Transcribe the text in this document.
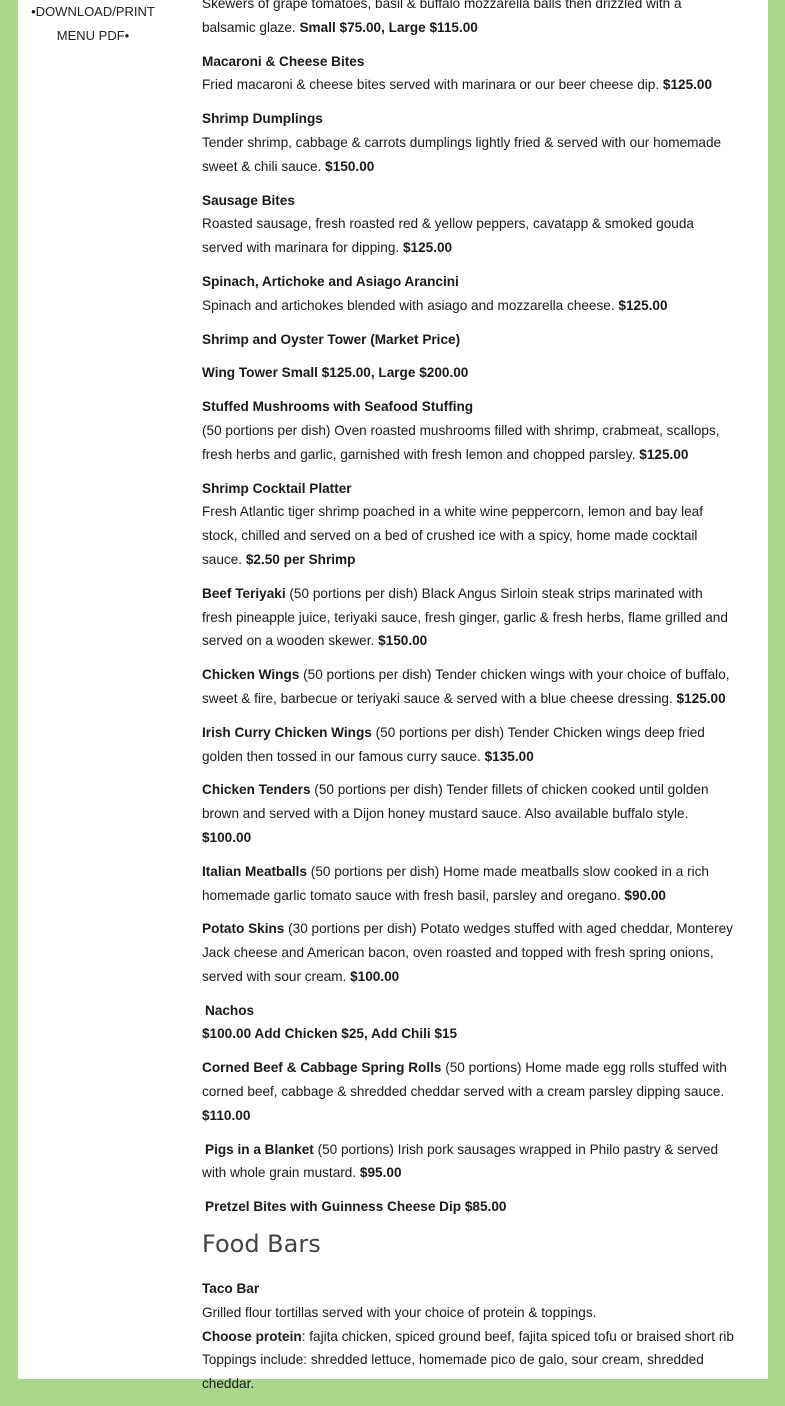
•DOWNLOAD/PRINT MENU PDF•

Skewers of grape tomatoes, basil & buffalo mozzarella balls then drizzled with a balsamic glaze. Small $75.00, Large $115.00

Macaroni & Cheese Bites
Fried macaroni & cheese bites served with marinara or our beer cheese dip. $125.00

Shrimp Dumplings
Tender shrimp, cabbage & carrots dumplings lightly fried & served with our homemade sweet & chili sauce. $150.00

Sausage Bites
Roasted sausage, fresh roasted red & yellow peppers, cavatapp & smoked gouda served with marinara for dipping. $125.00

Spinach, Artichoke and Asiago Arancini
Spinach and artichokes blended with asiago and mozzarella cheese. $125.00

Shrimp and Oyster Tower (Market Price)

Wing Tower Small $125.00, Large $200.00

Stuffed Mushrooms with Seafood Stuffing
(50 portions per dish) Oven roasted mushrooms filled with shrimp, crabmeat, scallops, fresh herbs and garlic, garnished with fresh lemon and chopped parsley. $125.00

Shrimp Cocktail Platter
Fresh Atlantic tiger shrimp poached in a white wine peppercorn, lemon and bay leaf stock, chilled and served on a bed of crushed ice with a spicy, home made cocktail sauce. $2.50 per Shrimp

Beef Teriyaki (50 portions per dish) Black Angus Sirloin steak strips marinated with fresh pineapple juice, teriyaki sauce, fresh ginger, garlic & fresh herbs, flame grilled and served on a wooden skewer. $150.00

Chicken Wings (50 portions per dish) Tender chicken wings with your choice of buffalo, sweet & fire, barbecue or teriyaki sauce & served with a blue cheese dressing. $125.00

Irish Curry Chicken Wings (50 portions per dish) Tender Chicken wings deep fried golden then tossed in our famous curry sauce. $135.00

Chicken Tenders (50 portions per dish) Tender fillets of chicken cooked until golden brown and served with a Dijon honey mustard sauce. Also available buffalo style. $100.00

Italian Meatballs (50 portions per dish) Home made meatballs slow cooked in a rich homemade garlic tomato sauce with fresh basil, parsley and oregano. $90.00

Potato Skins (30 portions per dish) Potato wedges stuffed with aged cheddar, Monterey Jack cheese and American bacon, oven roasted and topped with fresh spring onions, served with sour cream. $100.00

Nachos
$100.00 Add Chicken $25, Add Chili $15

Corned Beef & Cabbage Spring Rolls (50 portions) Home made egg rolls stuffed with corned beef, cabbage & shredded cheddar served with a cream parsley dipping sauce. $110.00

Pigs in a Blanket (50 portions) Irish pork sausages wrapped in Philo pastry & served with whole grain mustard. $95.00

Pretzel Bites with Guinness Cheese Dip $85.00

Food Bars

Taco Bar
Grilled flour tortillas served with your choice of protein & toppings.
Choose protein: fajita chicken, spiced ground beef, fajita spiced tofu or braised short rib Toppings include: shredded lettuce, homemade pico de galo, sour cream, shredded cheddar.
